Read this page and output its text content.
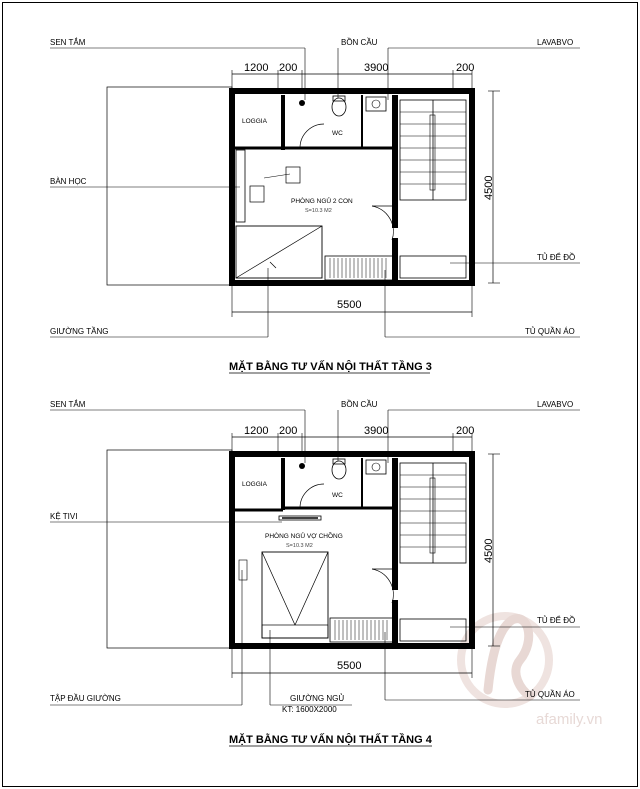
afamily.vn
SEN TẮM	BỒN CẦU	LAVABVO
LOGGIA
WC
BÀN HỌC
PHÒNG NGỦ 2 CON
S=10.3 M2
TỦ ĐỂ ĐỒ
GIƯỜNG TẦNG	TỦ QUẦN ÁO
1200 200	3900	200
4500
5500
MẶT BẰNG TƯ VẤN NỘI THẤT TẦNG 3
SEN TẮM	BỒN CẦU	LAVABVO
LOGGIA
WC
KỆ TIVI
PHÒNG NGỦ VỢ CHỒNG
S=10.3 M2
TỦ ĐỂ ĐỒ
TẬP ĐẦU GIƯỜNG	GIƯỜNG NGỦ
KT: 1600X2000
TỦ QUẦN ÁO
1200 200	3900	200
4500
5500
MẶT BẰNG TƯ VẤN NỘI THẤT TẦNG 4
